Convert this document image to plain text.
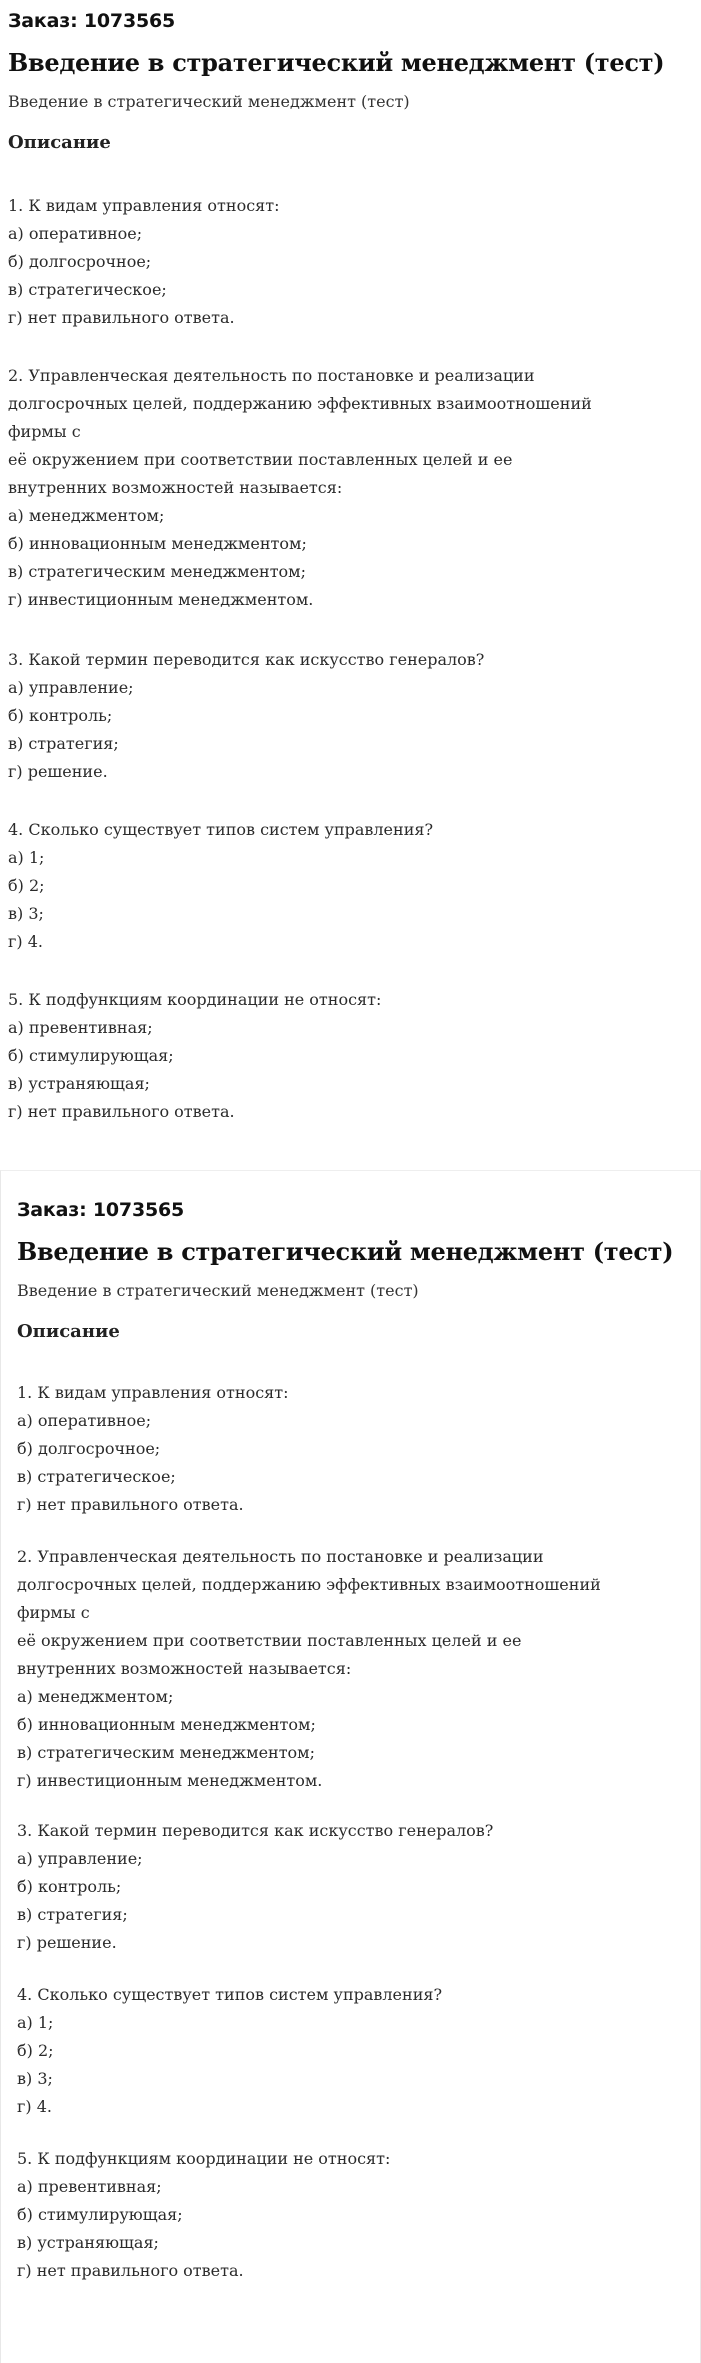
Заказ: 1073565
Введение в стратегический менеджмент (тест)
Введение в стратегический менеджмент (тест)
Описание
1. К видам управления относят:
а) оперативное;
б) долгосрочное;
в) стратегическое;
г) нет правильного ответа.
2. Управленческая деятельность по постановке и реализации
долгосрочных целей, поддержанию эффективных взаимоотношений
фирмы с
её окружением при соответствии поставленных целей и ее
внутренних возможностей называется:
а) менеджментом;
б) инновационным менеджментом;
в) стратегическим менеджментом;
г) инвестиционным менеджментом.
3. Какой термин переводится как искусство генералов?
а) управление;
б) контроль;
в) стратегия;
г) решение.
4. Сколько существует типов систем управления?
а) 1;
б) 2;
в) 3;
г) 4.
5. К подфункциям координации не относят:
а) превентивная;
б) стимулирующая;
в) устраняющая;
г) нет правильного ответа.
Заказ: 1073565
Введение в стратегический менеджмент (тест)
Введение в стратегический менеджмент (тест)
Описание
1. К видам управления относят:
а) оперативное;
б) долгосрочное;
в) стратегическое;
г) нет правильного ответа.
2. Управленческая деятельность по постановке и реализации
долгосрочных целей, поддержанию эффективных взаимоотношений
фирмы с
её окружением при соответствии поставленных целей и ее
внутренних возможностей называется:
а) менеджментом;
б) инновационным менеджментом;
в) стратегическим менеджментом;
г) инвестиционным менеджментом.
3. Какой термин переводится как искусство генералов?
а) управление;
б) контроль;
в) стратегия;
г) решение.
4. Сколько существует типов систем управления?
а) 1;
б) 2;
в) 3;
г) 4.
5. К подфункциям координации не относят:
а) превентивная;
б) стимулирующая;
в) устраняющая;
г) нет правильного ответа.
